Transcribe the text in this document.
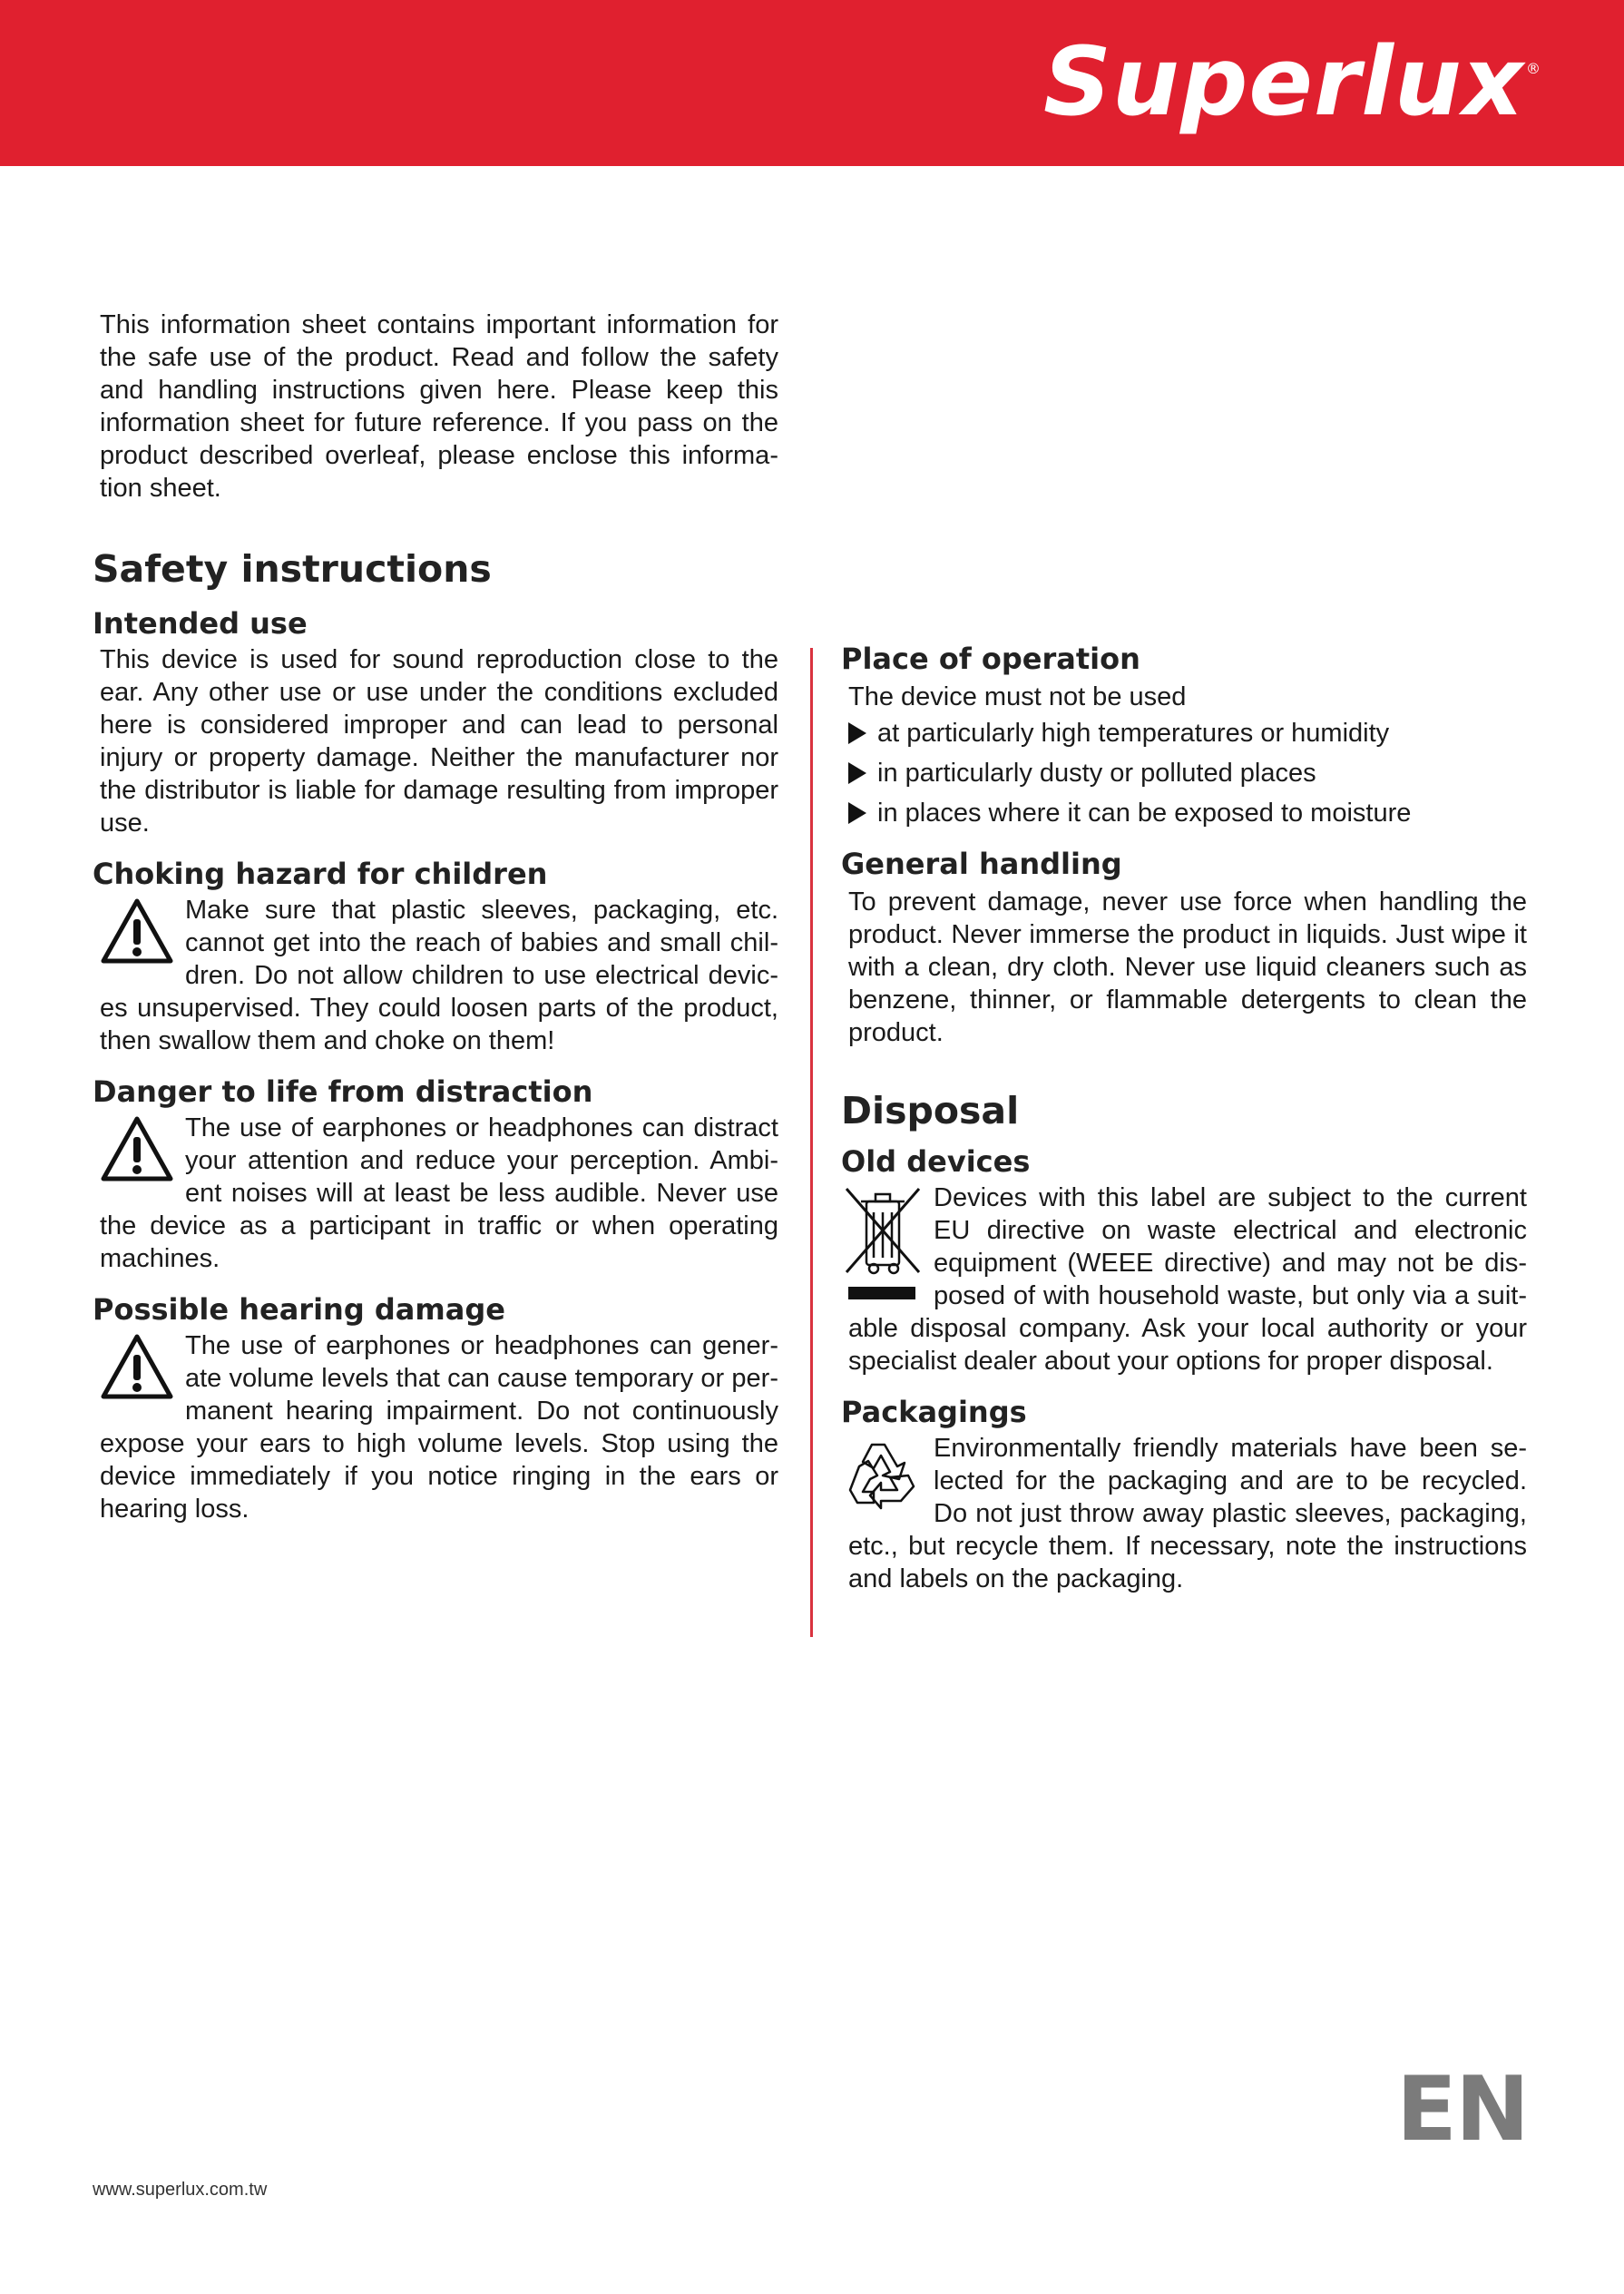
Superlux ®

This information sheet contains important information for the safe use of the product. Read and follow the safety and handling instructions given here. Please keep this information sheet for future reference. If you pass on the product described overleaf, please enclose this information sheet.

Safety instructions
Intended use

This device is used for sound reproduction close to the ear. Any other use or use under the conditions excluded here is considered improper and can lead to personal injury or property damage. Neither the manufacturer nor the distributor is liable for damage resulting from improper use.

Choking hazard for children

Make sure that plastic sleeves, packaging, etc. cannot get into the reach of babies and small children. Do not allow children to use electrical devices unsupervised. They could loosen parts of the product, then swallow them and choke on them!

Danger to life from distraction

The use of earphones or headphones can distract your attention and reduce your perception. Ambient noises will at least be less audible. Never use the device as a participant in traffic or when operating machines.

Possible hearing damage

The use of earphones or headphones can generate volume levels that can cause temporary or permanent hearing impairment. Do not continuously expose your ears to high volume levels. Stop using the device immediately if you notice ringing in the ears or hearing loss.

Place of operation

The device must not be used

at particularly high temperatures or humidity
in particularly dusty or polluted places
in places where it can be exposed to moisture
General handling

To prevent damage, never use force when handling the product. Never immerse the product in liquids. Just wipe it with a clean, dry cloth. Never use liquid cleaners such as benzene, thinner, or flammable detergents to clean the product.

Disposal
Old devices

Devices with this label are subject to the current EU directive on waste electrical and electronic equipment (WEEE directive) and may not be disposed of with household waste, but only via a suitable disposal company. Ask your local authority or your specialist dealer about your options for proper disposal.

Packagings

Environmentally friendly materials have been selected for the packaging and are to be recycled. Do not just throw away plastic sleeves, packaging, etc., but recycle them. If necessary, note the instructions and labels on the packaging.

EN
www.superlux.com.tw
